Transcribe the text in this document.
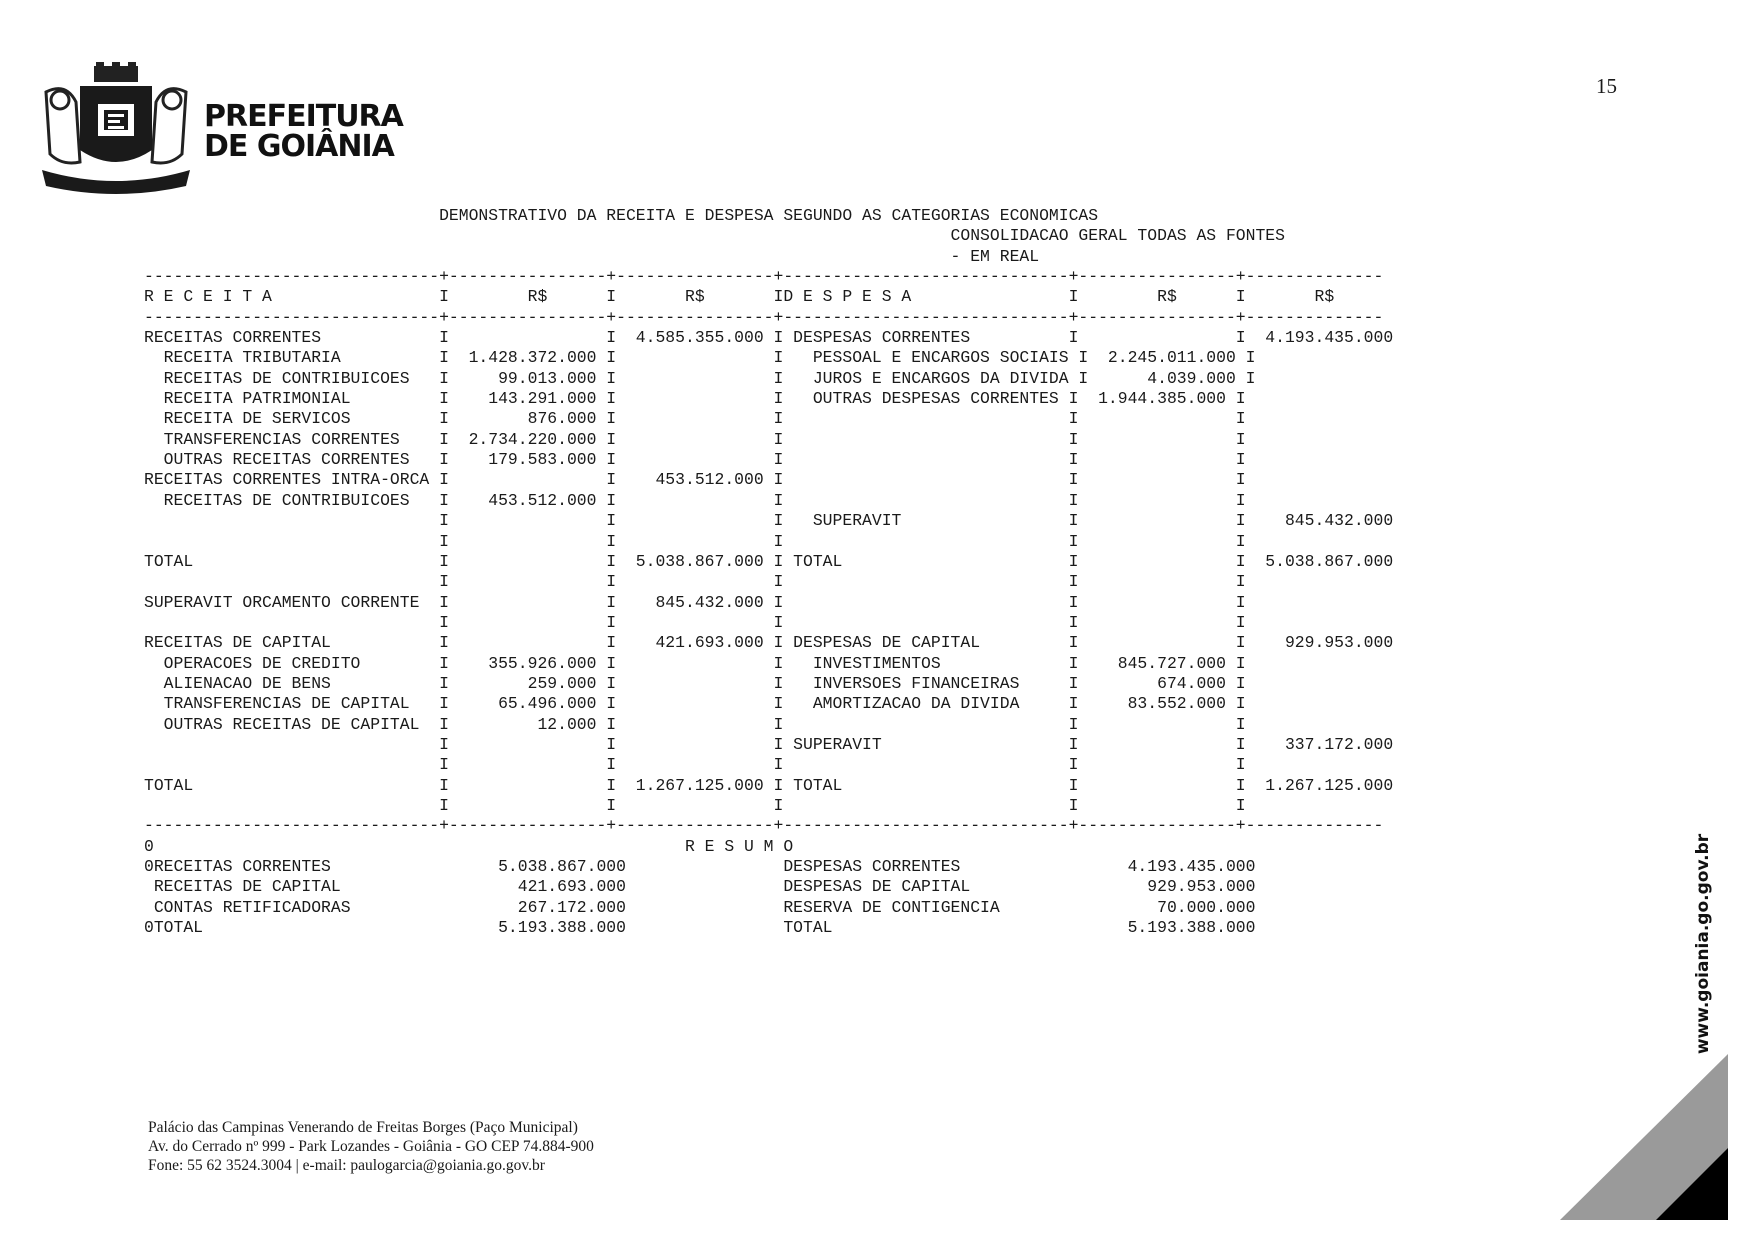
PREFEITURA
DE GOIÂNIA
15
DEMONSTRATIVO DA RECEITA E DESPESA SEGUNDO AS CATEGORIAS ECONOMICAS
CONSOLIDACAO GERAL TODAS AS FONTES
- EM REAL
------------------------------+----------------+----------------+-----------------------------+----------------+--------------
R E C E I T A                 I        R$      I       R$       ID E S P E S A                I        R$      I       R$
------------------------------+----------------+----------------+-----------------------------+----------------+--------------
RECEITAS CORRENTES            I                I  4.585.355.000 I DESPESAS CORRENTES          I                I  4.193.435.000
RECEITA TRIBUTARIA          I  1.428.372.000 I                I   PESSOAL E ENCARGOS SOCIAIS I  2.245.011.000 I
RECEITAS DE CONTRIBUICOES   I     99.013.000 I                I   JUROS E ENCARGOS DA DIVIDA I      4.039.000 I
RECEITA PATRIMONIAL         I    143.291.000 I                I   OUTRAS DESPESAS CORRENTES I  1.944.385.000 I
RECEITA DE SERVICOS         I        876.000 I                I                             I                I
TRANSFERENCIAS CORRENTES    I  2.734.220.000 I                I                             I                I
OUTRAS RECEITAS CORRENTES   I    179.583.000 I                I                             I                I
RECEITAS CORRENTES INTRA-ORCA I                I    453.512.000 I                             I                I
RECEITAS DE CONTRIBUICOES   I    453.512.000 I                I                             I                I
I                I                I   SUPERAVIT                 I                I    845.432.000
I                I                I                             I                I
TOTAL                         I                I  5.038.867.000 I TOTAL                       I                I  5.038.867.000
I                I                I                             I                I
SUPERAVIT ORCAMENTO CORRENTE  I                I    845.432.000 I                             I                I
I                I                I                             I                I
RECEITAS DE CAPITAL           I                I    421.693.000 I DESPESAS DE CAPITAL         I                I    929.953.000
OPERACOES DE CREDITO        I    355.926.000 I                I   INVESTIMENTOS             I    845.727.000 I
ALIENACAO DE BENS           I        259.000 I                I   INVERSOES FINANCEIRAS     I        674.000 I
TRANSFERENCIAS DE CAPITAL   I     65.496.000 I                I   AMORTIZACAO DA DIVIDA     I     83.552.000 I
OUTRAS RECEITAS DE CAPITAL  I         12.000 I                I                             I                I
I                I                I SUPERAVIT                   I                I    337.172.000
I                I                I                             I                I
TOTAL                         I                I  1.267.125.000 I TOTAL                       I                I  1.267.125.000
I                I                I                             I                I
------------------------------+----------------+----------------+-----------------------------+----------------+--------------
0                                                      R E S U M O
0RECEITAS CORRENTES                 5.038.867.000                DESPESAS CORRENTES                 4.193.435.000
RECEITAS DE CAPITAL                  421.693.000                DESPESAS DE CAPITAL                  929.953.000
CONTAS RETIFICADORAS                 267.172.000                RESERVA DE CONTIGENCIA                70.000.000
0TOTAL                              5.193.388.000                TOTAL                              5.193.388.000	www.goiania.go.gov.br
Palácio das Campinas Venerando de Freitas Borges (Paço Municipal)
Av. do Cerrado nº 999 - Park Lozandes - Goiânia - GO CEP 74.884-900
Fone: 55 62 3524.3004 | e-mail: paulogarcia@goiania.go.gov.br
